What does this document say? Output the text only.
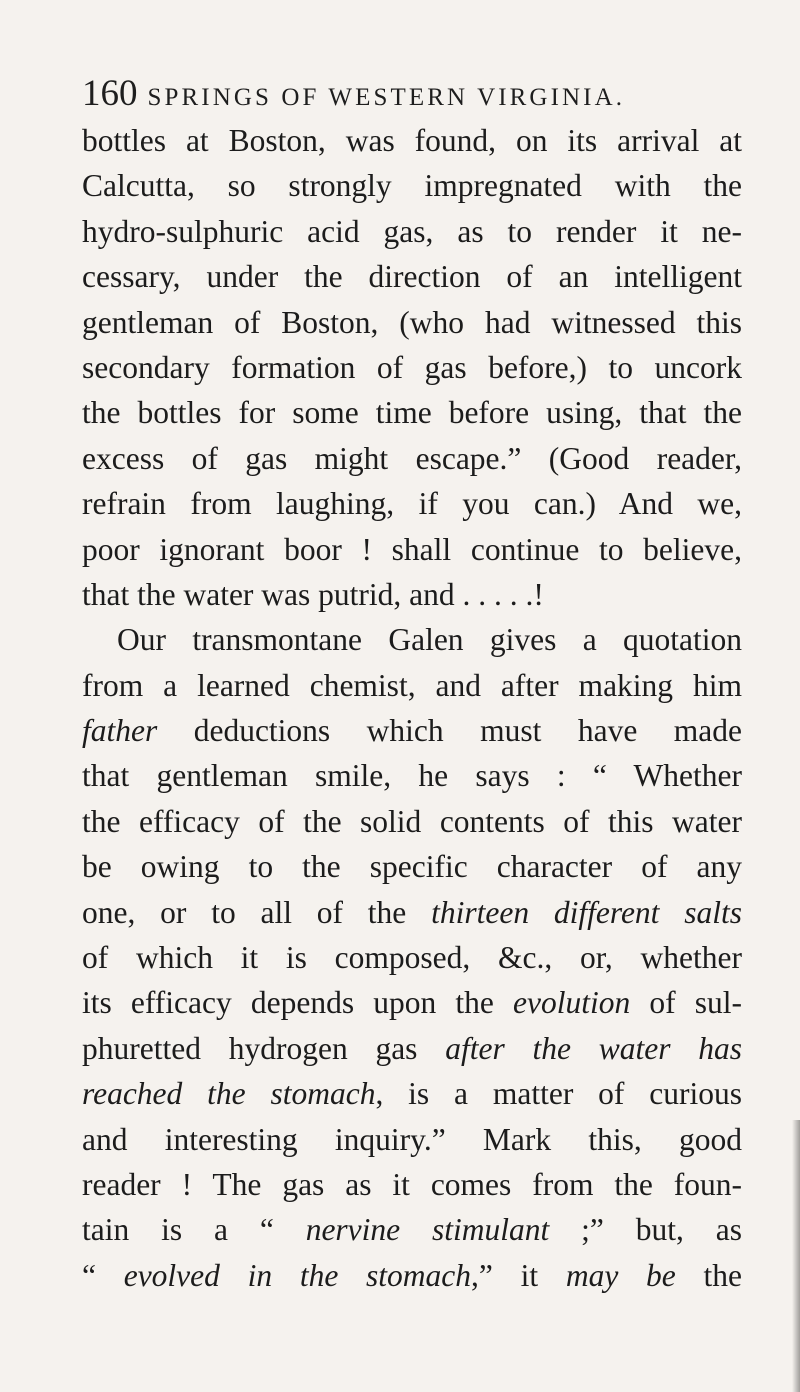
160 SPRINGS OF WESTERN VIRGINIA.
bottles at Boston, was found, on its arrival at
Calcutta, so strongly impregnated with the
hydro-sulphuric acid gas, as to render it ne-
cessary, under the direction of an intelligent
gentleman of Boston, (who had witnessed this
secondary formation of gas before,) to uncork
the bottles for some time before using, that the
excess of gas might escape.” (Good reader,
refrain from laughing, if you can.) And we,
poor ignorant boor ! shall continue to believe,
that the water was putrid, and . . . . .!
Our transmontane Galen gives a quotation
from a learned chemist, and after making him
father deductions which must have made
that gentleman smile, he says : “ Whether
the efficacy of the solid contents of this water
be owing to the specific character of any
one, or to all of the thirteen different salts
of which it is composed, &c., or, whether
its efficacy depends upon the evolution of sul-
phuretted hydrogen gas after the water has
reached the stomach, is a matter of curious
and interesting inquiry.” Mark this, good
reader ! The gas as it comes from the foun-
tain is a “ nervine stimulant ;” but, as
“ evolved in the stomach,” it may be the
